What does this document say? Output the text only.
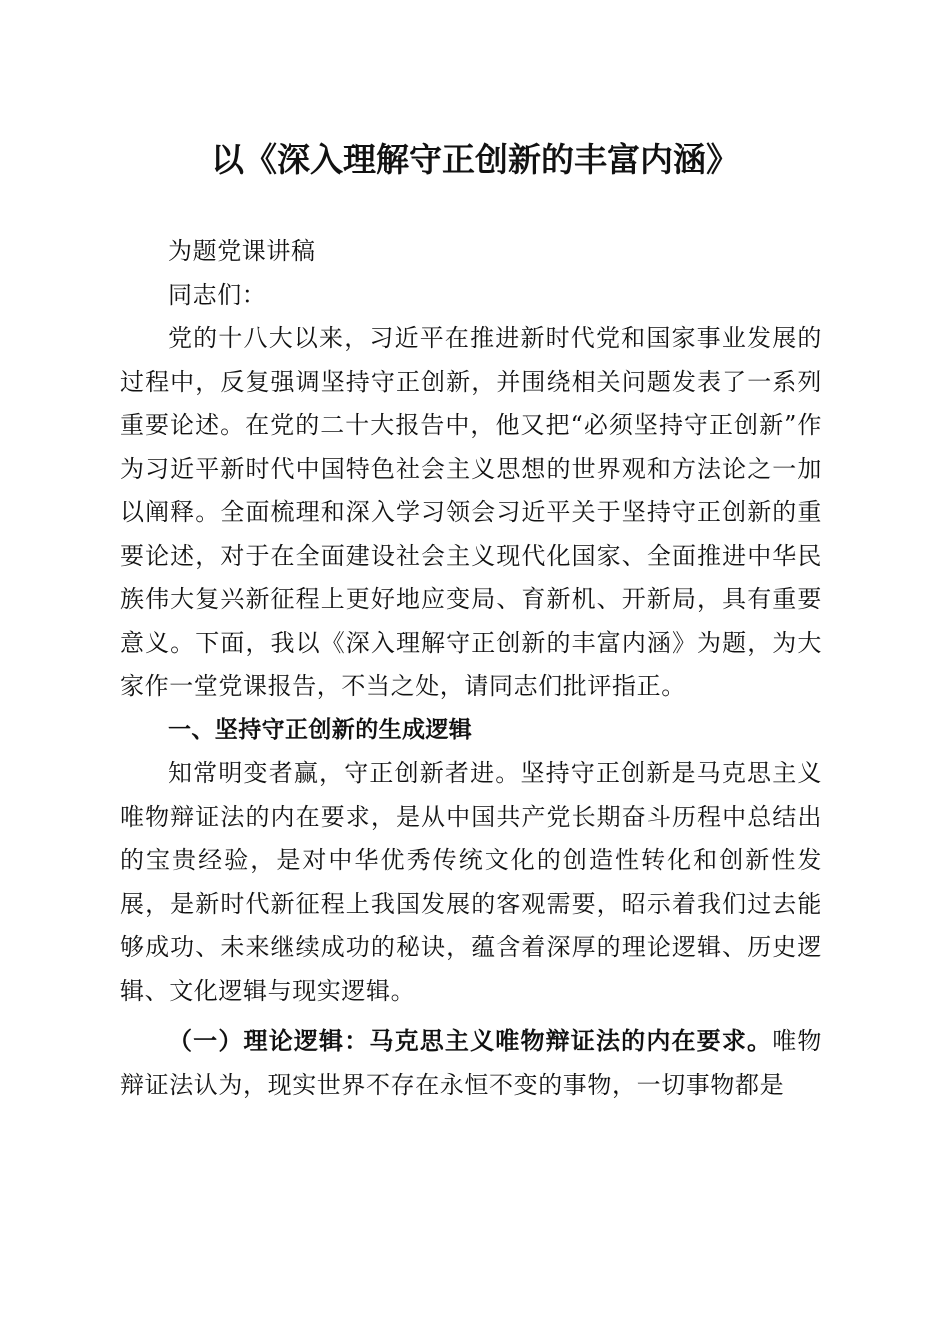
以《深入理解守正创新的丰富内涵》

为题党课讲稿

同志们：

党的十八大以来，习近平在推进新时代党和国家事业发展的过程中，反复强调坚持守正创新，并围绕相关问题发表了一系列重要论述。在党的二十大报告中，他又把“必须坚持守正创新”作为习近平新时代中国特色社会主义思想的世界观和方法论之一加以阐释。全面梳理和深入学习领会习近平关于坚持守正创新的重要论述，对于在全面建设社会主义现代化国家、全面推进中华民族伟大复兴新征程上更好地应变局、育新机、开新局，具有重要意义。下面，我以《深入理解守正创新的丰富内涵》为题，为大家作一堂党课报告，不当之处，请同志们批评指正。

一、坚持守正创新的生成逻辑

知常明变者赢，守正创新者进。坚持守正创新是马克思主义唯物辩证法的内在要求，是从中国共产党长期奋斗历程中总结出的宝贵经验，是对中华优秀传统文化的创造性转化和创新性发展，是新时代新征程上我国发展的客观需要，昭示着我们过去能够成功、未来继续成功的秘诀，蕴含着深厚的理论逻辑、历史逻辑、文化逻辑与现实逻辑。

（一）理论逻辑：马克思主义唯物辩证法的内在要求。唯物辩证法认为，现实世界不存在永恒不变的事物，一切事物都是
